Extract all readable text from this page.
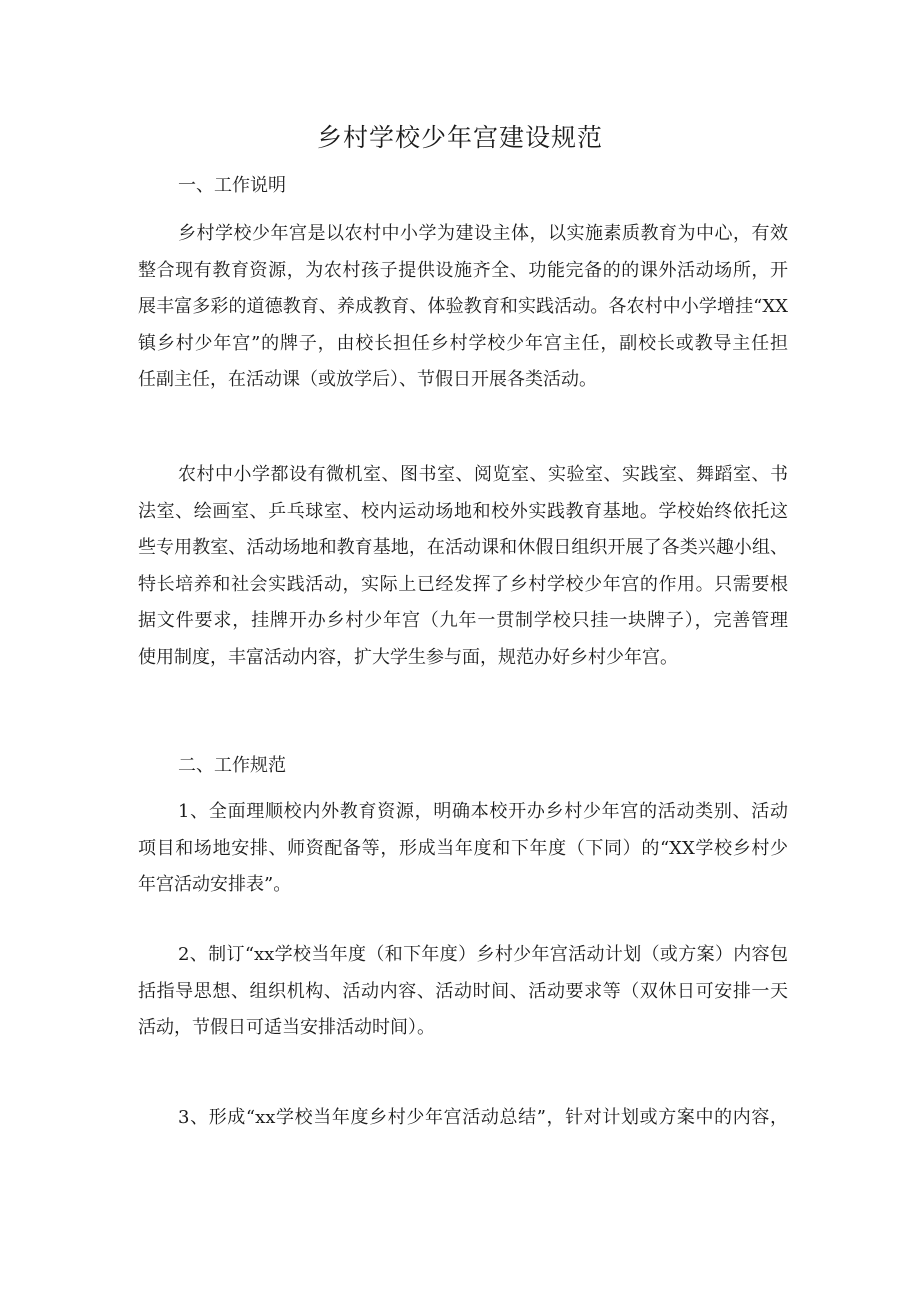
乡村学校少年宫建设规范
一、工作说明
乡村学校少年宫是以农村中小学为建设主体，以实施素质教育为中心，有效
整合现有教育资源，为农村孩子提供设施齐全、功能完备的的课外活动场所，开
展丰富多彩的道德教育、养成教育、体验教育和实践活动。各农村中小学增挂“XX
镇乡村少年宫”的牌子，由校长担任乡村学校少年宫主任，副校长或教导主任担
任副主任，在活动课（或放学后）、节假日开展各类活动。
农村中小学都设有微机室、图书室、阅览室、实验室、实践室、舞蹈室、书
法室、绘画室、乒乓球室、校内运动场地和校外实践教育基地。学校始终依托这
些专用教室、活动场地和教育基地，在活动课和休假日组织开展了各类兴趣小组、
特长培养和社会实践活动，实际上已经发挥了乡村学校少年宫的作用。只需要根
据文件要求，挂牌开办乡村少年宫（九年一贯制学校只挂一块牌子），完善管理
使用制度，丰富活动内容，扩大学生参与面，规范办好乡村少年宫。
二、工作规范
1、全面理顺校内外教育资源，明确本校开办乡村少年宫的活动类别、活动
项目和场地安排、师资配备等，形成当年度和下年度（下同）的“XX学校乡村少
年宫活动安排表”。
2、制订“xx学校当年度（和下年度）乡村少年宫活动计划（或方案）内容包
括指导思想、组织机构、活动内容、活动时间、活动要求等（双休日可安排一天
活动，节假日可适当安排活动时间）。
3、形成“xx学校当年度乡村少年宫活动总结”，针对计划或方案中的内容，
